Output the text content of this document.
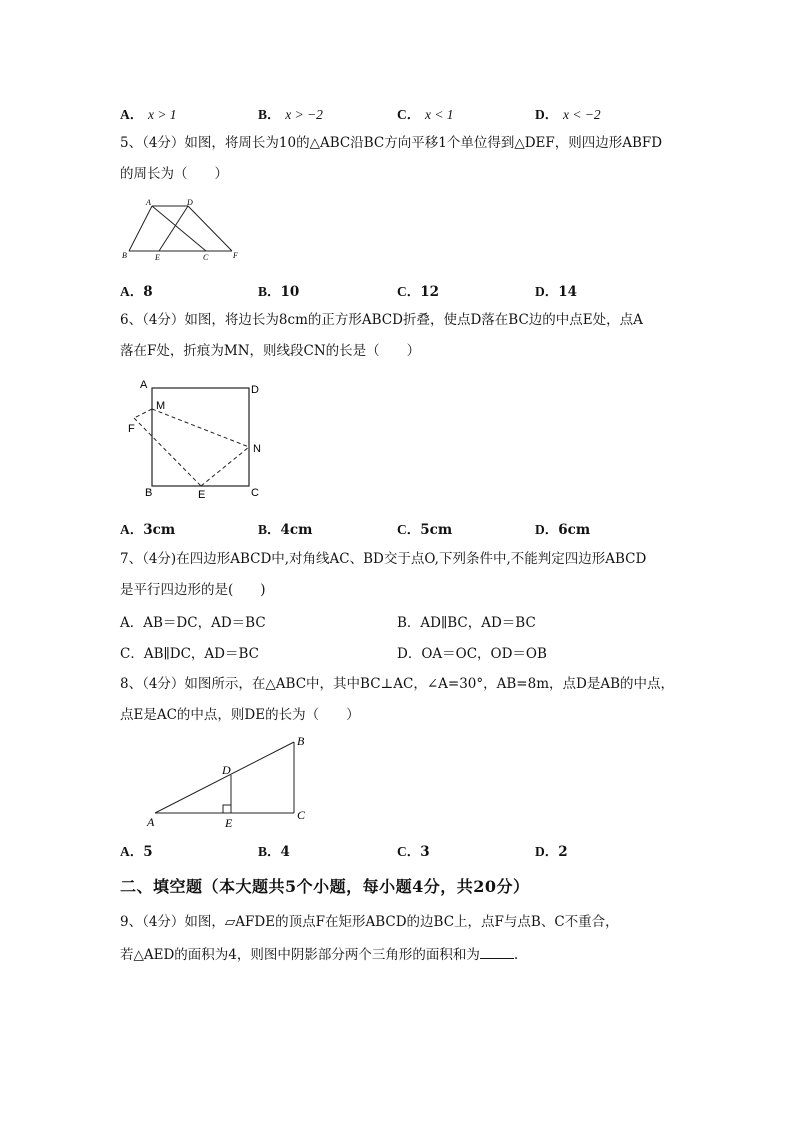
A． x > 1	B． x > −2	C． x < 1	D． x < −2
5、（4分）如图，将周长为10的△ABC沿BC方向平移1个单位得到△DEF，则四边形ABFD
的周长为（　　）
A	D
B	E	C	F
A．8	B．10	C．12	D．14
6、（4分）如图，将边长为8cm的正方形ABCD折叠，使点D落在BC边的中点E处，点A
落在F处，折痕为MN，则线段CN的长是（　　）
A	D
M
F
N
B	E	C
A．3cm	B．4cm	C．5cm	D．6cm
7、（4分)在四边形ABCD中,对角线AC、BD交于点O,下列条件中,不能判定四边形ABCD
是平行四边形的是(　　)
A．AB＝DC，AD＝BC	B．AD∥BC，AD＝BC
C．AB∥DC，AD＝BC	D．OA＝OC，OD＝OB
8、（4分）如图所示，在△ABC中，其中BC⊥AC，∠A=30°，AB=8m，点D是AB的中点，
点E是AC的中点，则DE的长为（　　）
B
D
A	E
C
A．5	B．4	C．3	D．2
二、填空题（本大题共5个小题，每小题4分，共20分）
9、（4分）如图，▱AFDE的顶点F在矩形ABCD的边BC上，点F与点B、C不重合，
若△AED的面积为4，则图中阴影部分两个三角形的面积和为	.
